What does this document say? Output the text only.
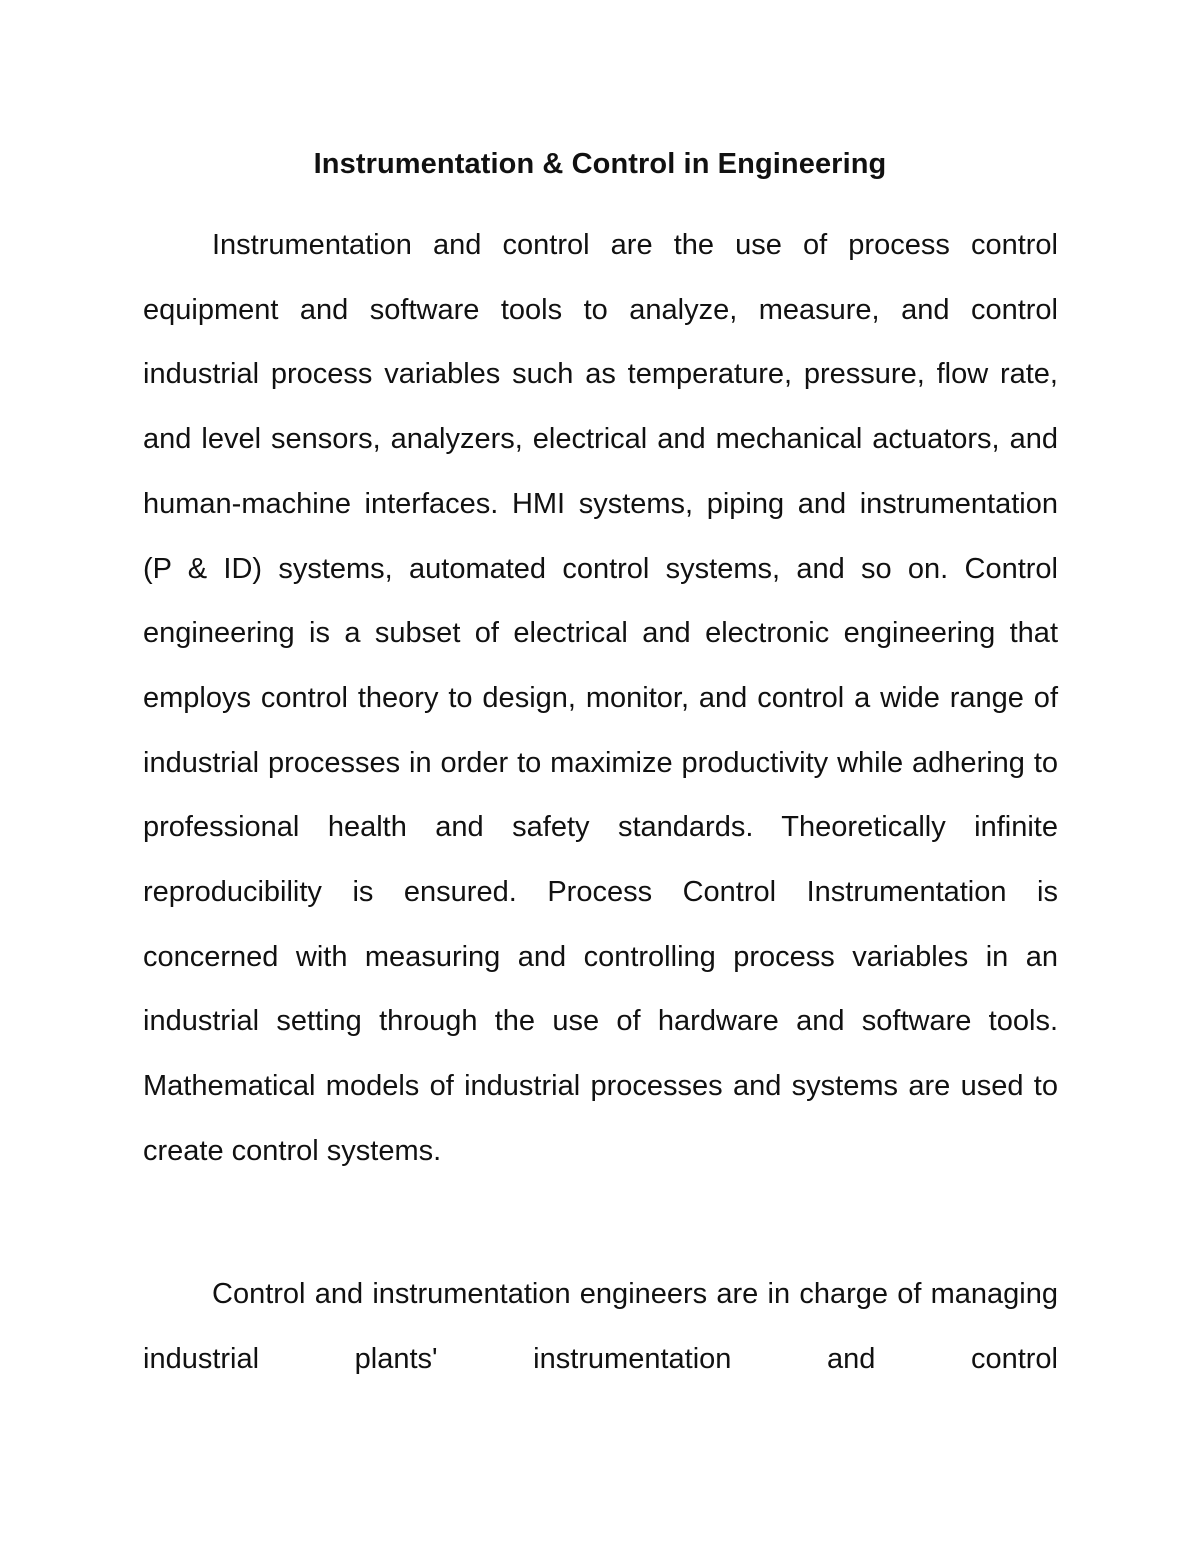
Instrumentation & Control in Engineering

Instrumentation and control are the use of process control equipment and software tools to analyze, measure, and control industrial process variables such as temperature, pressure, flow rate, and level sensors, analyzers, electrical and mechanical actuators, and human-machine interfaces. HMI systems, piping and instrumentation (P & ID) systems, automated control systems, and so on. Control engineering is a subset of electrical and electronic engineering that employs control theory to design, monitor, and control a wide range of industrial processes in order to maximize productivity while adhering to professional health and safety standards. Theoretically infinite reproducibility is ensured. Process Control Instrumentation is concerned with measuring and controlling process variables in an industrial setting through the use of hardware and software tools. Mathematical models of industrial processes and systems are used to create control systems.

Control and instrumentation engineers are in charge of managing industrial plants' instrumentation and control
